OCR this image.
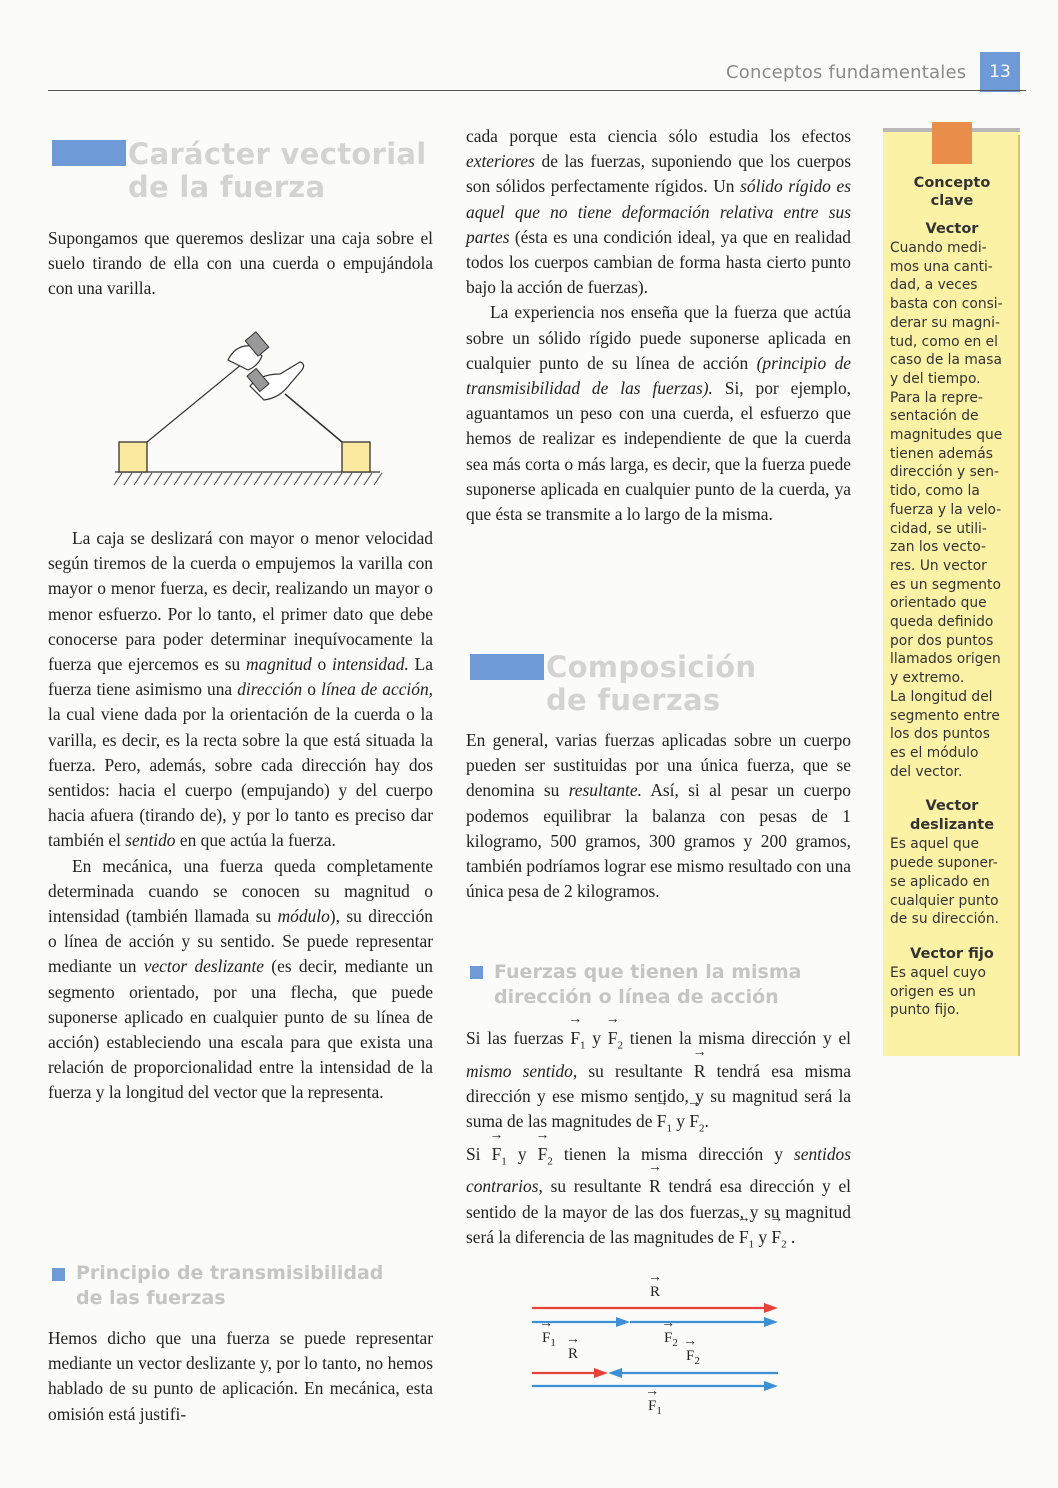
Conceptos fundamentales	13
Carácter vectorial
de la fuerza

Supongamos que queremos deslizar una caja sobre el suelo tirando de ella con una cuerda o empujándola con una varilla.

La caja se deslizará con mayor o menor velocidad según tiremos de la cuerda o empujemos la varilla con mayor o menor fuerza, es decir, realizando un mayor o menor esfuerzo. Por lo tanto, el primer dato que debe conocerse para poder determinar inequívocamente la fuerza que ejercemos es su magnitud o intensidad. La fuerza tiene asimismo una dirección o línea de acción, la cual viene dada por la orientación de la cuerda o la varilla, es decir, es la recta sobre la que está situada la fuerza. Pero, además, sobre cada dirección hay dos sentidos: hacia el cuerpo (empujando) y del cuerpo hacia afuera (tirando de), y por lo tanto es preciso dar también el sentido en que actúa la fuerza.

En mecánica, una fuerza queda completamente determinada cuando se conocen su magnitud o intensidad (también llamada su módulo), su dirección o línea de acción y su sentido. Se puede representar mediante un vector deslizante (es decir, mediante un segmento orientado, por una flecha, que puede suponerse aplicado en cualquier punto de su línea de acción) estableciendo una escala para que exista una relación de proporcionalidad entre la intensidad de la fuerza y la longitud del vector que la representa.

Principio de transmisibilidad
de las fuerzas

Hemos dicho que una fuerza se puede representar mediante un vector deslizante y, por lo tanto, no hemos hablado de su punto de aplicación. En mecánica, esta omisión está justifi-

cada porque esta ciencia sólo estudia los efectos exteriores de las fuerzas, suponiendo que los cuerpos son sólidos perfectamente rígidos. Un sólido rígido es aquel que no tiene deformación relativa entre sus partes (ésta es una condición ideal, ya que en realidad todos los cuerpos cambian de forma hasta cierto punto bajo la acción de fuerzas).

La experiencia nos enseña que la fuerza que actúa sobre un sólido rígido puede suponerse aplicada en cualquier punto de su línea de acción (principio de transmisibilidad de las fuerzas). Si, por ejemplo, aguantamos un peso con una cuerda, el esfuerzo que hemos de realizar es independiente de que la cuerda sea más corta o más larga, es decir, que la fuerza puede suponerse aplicada en cualquier punto de la cuerda, ya que ésta se transmite a lo largo de la misma.

Composición
de fuerzas

En general, varias fuerzas aplicadas sobre un cuerpo pueden ser sustituidas por una única fuerza, que se denomina su resultante. Así, si al pesar un cuerpo podemos equilibrar la balanza con pesas de 1 kilogramo, 500 gramos, 300 gramos y 200 gramos, también podríamos lograr ese mismo resultado con una única pesa de 2 kilogramos.

Fuerzas que tienen la misma
dirección o línea de acción

Si las fuerzas → $F_1$ $y \to F_2$ tienen la misma dirección y el mismo sentido, su resultante → R tendrá esa misma dirección y ese mismo sentido, y su magnitud será la suma de las magnitudes de → $F_1$ $y \to F_2$.

$Si \to F_1$ $y \to F_2$ tienen la misma dirección y sentidos contrarios, su resultante → R tendrá esa dirección y el sentido de la mayor de las dos fuerzas, y su magnitud será la diferencia de las magnitudes de → $F_1$ $y \to F_2$ .

→ R
→ $F_1$
→ R
→ $F_2$
→ $F_2$
→ $F_1$
Concepto
clave
Vector
Cuando medi-
mos una canti-
dad, a veces
basta con consi-
derar su magni-
tud, como en el
caso de la masa
y del tiempo.
Para la repre-
sentación de
magnitudes que
tienen además
dirección y sen-
tido, como la
fuerza y la velo-
cidad, se utili-
zan los vecto-
res. Un vector
es un segmento
orientado que
queda definido
por dos puntos
llamados origen
y extremo.
La longitud del
segmento entre
los dos puntos
es el módulo
del vector.
Vector
deslizante
Es aquel que
puede suponer-
se aplicado en
cualquier punto
de su dirección.
Vector fijo
Es aquel cuyo
origen es un
punto fijo.
